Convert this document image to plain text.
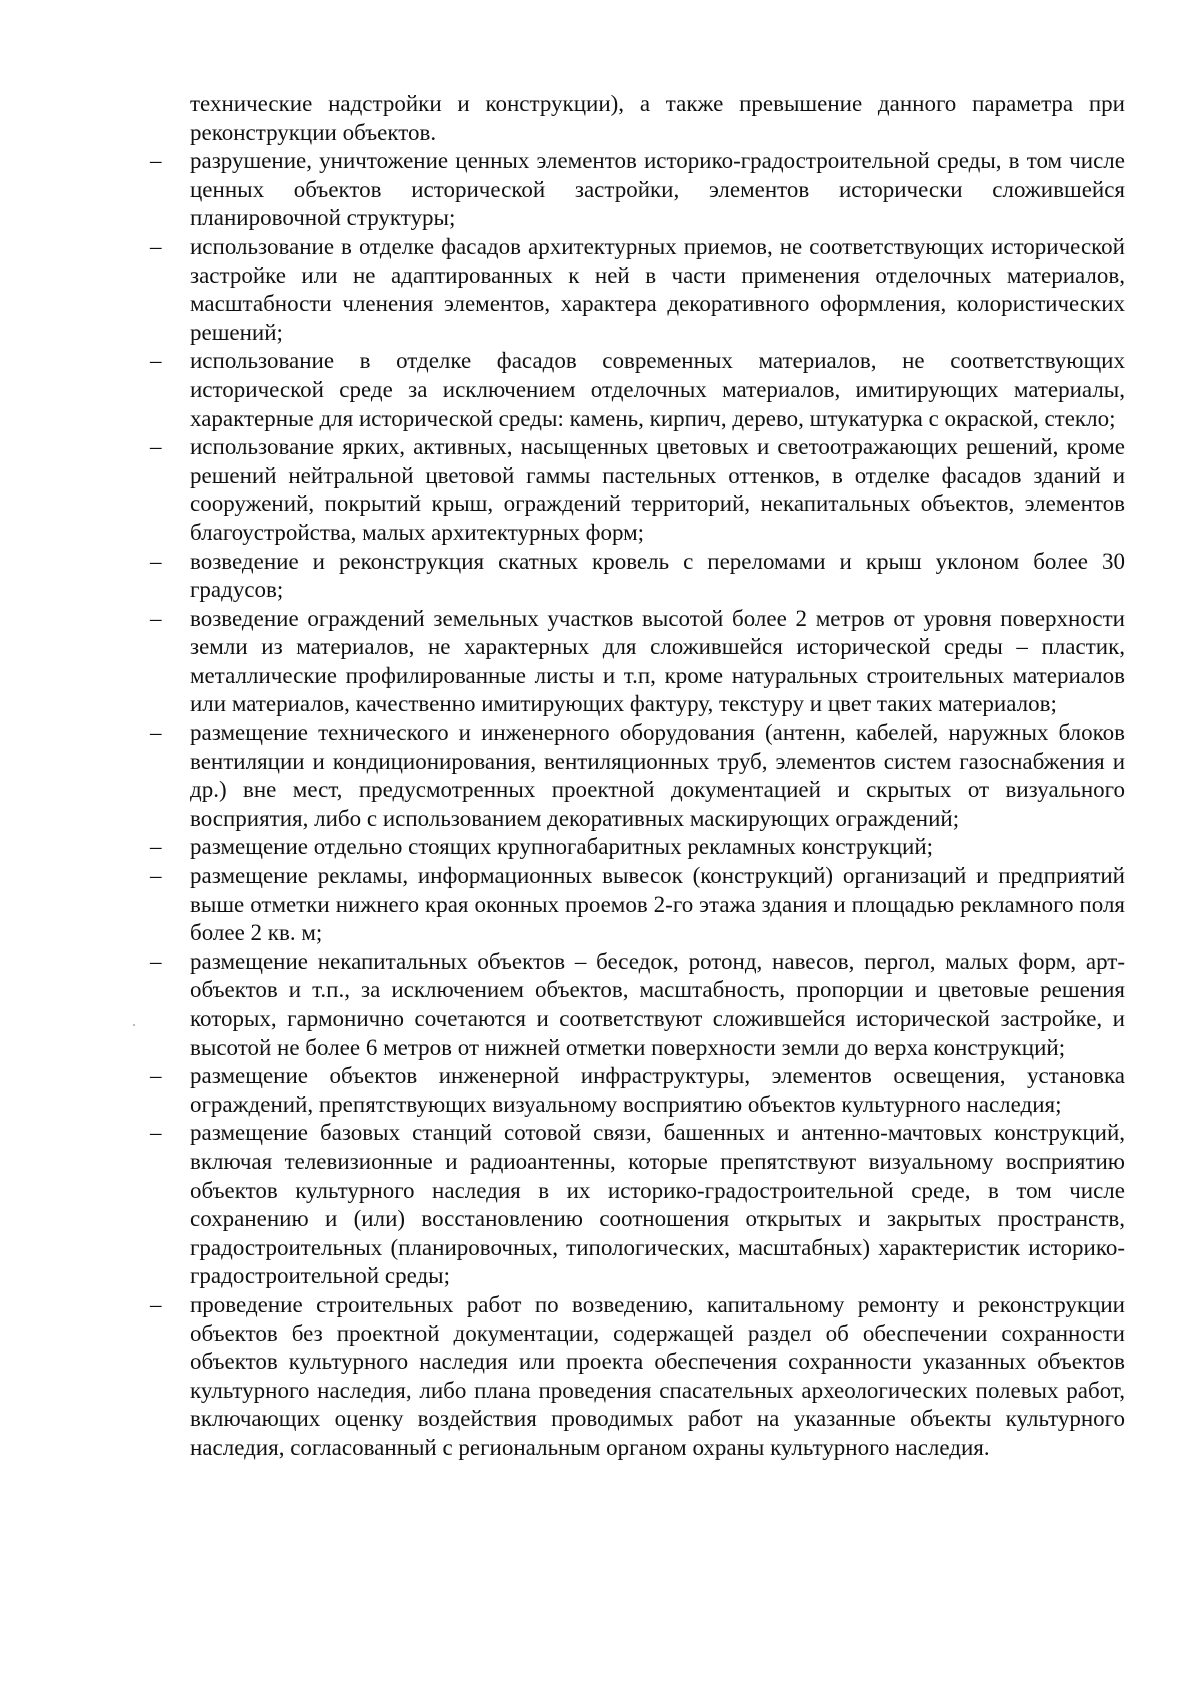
технические надстройки и конструкции), а также превышение данного параметра при реконструкции объектов.

– разрушение, уничтожение ценных элементов историко-градостроительной среды, в том числе ценных объектов исторической застройки, элементов исторически сложившейся планировочной структуры;
– использование в отделке фасадов архитектурных приемов, не соответствующих исторической застройке или не адаптированных к ней в части применения отделочных материалов, масштабности членения элементов, характера декоративного оформления, колористических решений;
– использование в отделке фасадов современных материалов, не соответствующих исторической среде за исключением отделочных материалов, имитирующих материалы, характерные для исторической среды: камень, кирпич, дерево, штукатурка с окраской, стекло;
– использование ярких, активных, насыщенных цветовых и светоотражающих решений, кроме решений нейтральной цветовой гаммы пастельных оттенков, в отделке фасадов зданий и сооружений, покрытий крыш, ограждений территорий, некапитальных объектов, элементов благоустройства, малых архитектурных форм;
– возведение и реконструкция скатных кровель с переломами и крыш уклоном более 30 градусов;
– возведение ограждений земельных участков высотой более 2 метров от уровня поверхности земли из материалов, не характерных для сложившейся исторической среды – пластик, металлические профилированные листы и т.п, кроме натуральных строительных материалов или материалов, качественно имитирующих фактуру, текстуру и цвет таких материалов;
– размещение технического и инженерного оборудования (антенн, кабелей, наружных блоков вентиляции и кондиционирования, вентиляционных труб, элементов систем газоснабжения и др.) вне мест, предусмотренных проектной документацией и скрытых от визуального восприятия, либо с использованием декоративных маскирующих ограждений;
– размещение отдельно стоящих крупногабаритных рекламных конструкций;
– размещение рекламы, информационных вывесок (конструкций) организаций и предприятий выше отметки нижнего края оконных проемов 2-го этажа здания и площадью рекламного поля более 2 кв. м;
– размещение некапитальных объектов – беседок, ротонд, навесов, пергол, малых форм, арт-объектов и т.п., за исключением объектов, масштабность, пропорции и цветовые решения которых, гармонично сочетаются и соответствуют сложившейся исторической застройке, и высотой не более 6 метров от нижней отметки поверхности земли до верха конструкций;
– размещение объектов инженерной инфраструктуры, элементов освещения, установка ограждений, препятствующих визуальному восприятию объектов культурного наследия;
– размещение базовых станций сотовой связи, башенных и антенно-мачтовых конструкций, включая телевизионные и радиоантенны, которые препятствуют визуальному восприятию объектов культурного наследия в их историко-градостроительной среде, в том числе сохранению и (или) восстановлению соотношения открытых и закрытых пространств, градостроительных (планировочных, типологических, масштабных) характеристик историко-градостроительной среды;
– проведение строительных работ по возведению, капитальному ремонту и реконструкции объектов без проектной документации, содержащей раздел об обеспечении сохранности объектов культурного наследия или проекта обеспечения сохранности указанных объектов культурного наследия, либо плана проведения спасательных археологических полевых работ, включающих оценку воздействия проводимых работ на указанные объекты культурного наследия, согласованный с региональным органом охраны культурного наследия.
